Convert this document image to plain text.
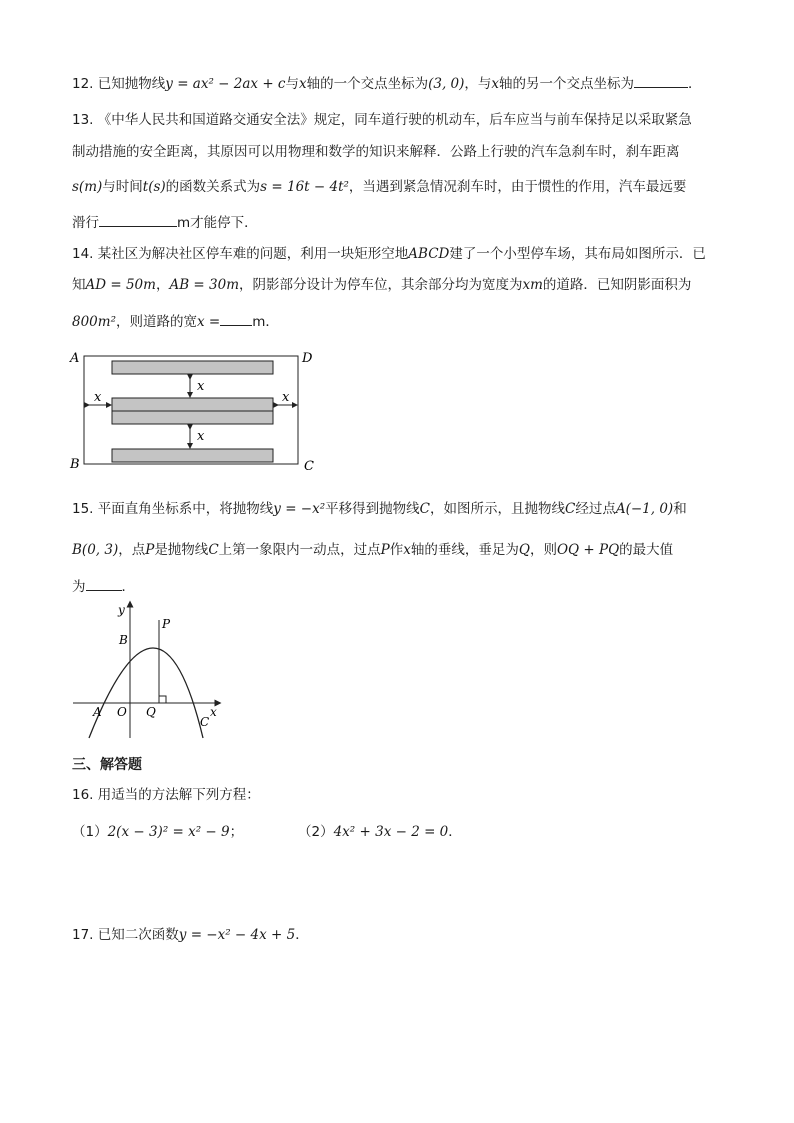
12. 已知抛物线y = ax² − 2ax + c与x轴的一个交点坐标为(3, 0)，与x轴的另一个交点坐标为	．
13. 《中华人民共和国道路交通安全法》规定，同车道行驶的机动车，后车应当与前车保持足以采取紧急
制动措施的安全距离，其原因可以用物理和数学的知识来解释．公路上行驶的汽车急刹车时，刹车距离
s(m)与时间t(s)的函数关系式为s = 16t − 4t²，当遇到紧急情况刹车时，由于惯性的作用，汽车最远要
滑行	m才能停下．
14. 某社区为解决社区停车难的问题，利用一块矩形空地ABCD建了一个小型停车场，其布局如图所示．已
知AD = 50m，AB = 30m，阴影部分设计为停车位，其余部分均为宽度为xm的道路．已知阴影面积为
800m²，则道路的宽x = m．
A	D
B	C
x
x
x	x
15. 平面直角坐标系中，将抛物线y = −x²平移得到抛物线C，如图所示，且抛物线C经过点A(−1, 0)和
B(0, 3)，点P是抛物线C上第一象限内一动点，过点P作x轴的垂线，垂足为Q，则OQ + PQ的最大值
为	．
y
x
B
P
A O Q
C
三、解答题
16. 用适当的方法解下列方程：
（1）2(x − 3)² = x² − 9；	（2）4x² + 3x − 2 = 0．
17. 已知二次函数y = −x² − 4x + 5．
